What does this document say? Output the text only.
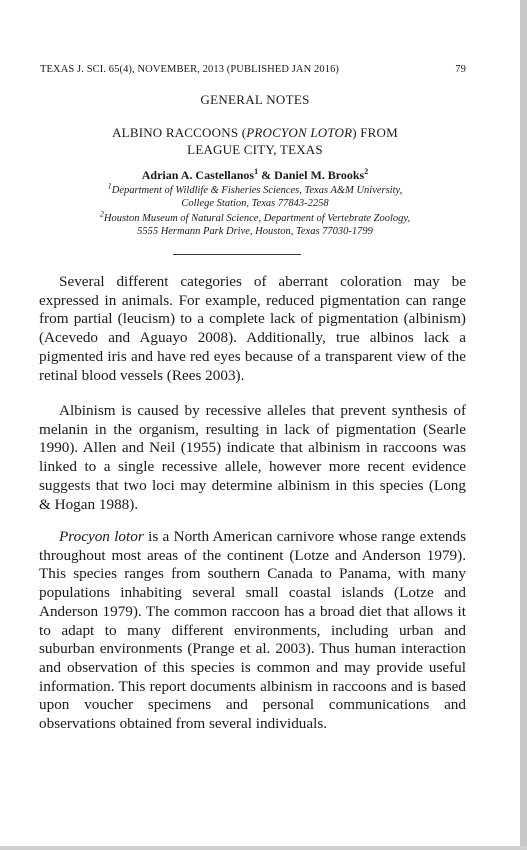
TEXAS J. SCI. 65(4), NOVEMBER, 2013 (PUBLISHED JAN 2016)	79
GENERAL NOTES
ALBINO RACCOONS (PROCYON LOTOR) FROM
LEAGUE CITY, TEXAS
Adrian A. Castellanos$^1$ & Daniel M. Brooks$^2$
$^1$Department of Wildlife & Fisheries Sciences, Texas A&M University,
College Station, Texas 77843-2258
$^2$Houston Museum of Natural Science, Department of Vertebrate Zoology,
5555 Hermann Park Drive, Houston, Texas 77030-1799

Several different categories of aberrant coloration may be expressed in animals. For example, reduced pigmentation can range from partial (leucism) to a complete lack of pigmentation (albinism) (Acevedo and Aguayo 2008). Additionally, true albinos lack a pigmented iris and have red eyes because of a transparent view of the retinal blood vessels (Rees 2003).

Albinism is caused by recessive alleles that prevent synthesis of melanin in the organism, resulting in lack of pigmentation (Searle 1990). Allen and Neil (1955) indicate that albinism in raccoons was linked to a single recessive allele, however more recent evidence suggests that two loci may determine albinism in this species (Long & Hogan 1988).

Procyon lotor is a North American carnivore whose range extends throughout most areas of the continent (Lotze and Anderson 1979). This species ranges from southern Canada to Panama, with many populations inhabiting several small coastal islands (Lotze and Anderson 1979). The common raccoon has a broad diet that allows it to adapt to many different environments, including urban and suburban environments (Prange et al. 2003). Thus human interaction and observation of this species is common and may provide useful information. This report documents albinism in raccoons and is based upon voucher specimens and personal communications and observations obtained from several individuals.
